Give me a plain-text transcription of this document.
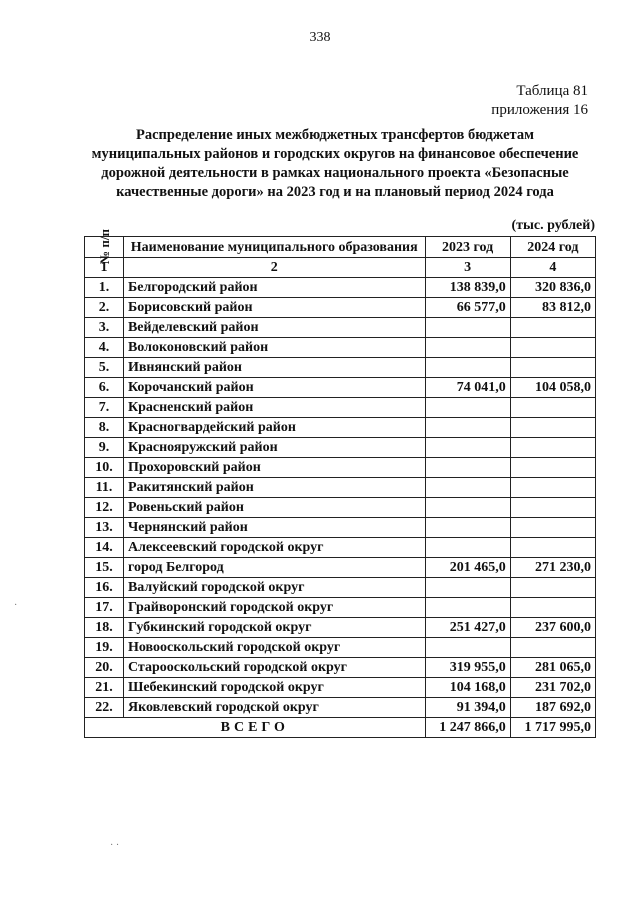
338
Таблица 81
приложения 16
Распределение иных межбюджетных трансфертов бюджетам
муниципальных районов и городских округов на финансовое обеспечение
дорожной деятельности в рамках национального проекта «Безопасные
качественные дороги» на 2023 год и на плановый период 2024 года
(тыс. рублей)
№ п/п	Наименование муниципального образования	2023 год	2024 год
1	2	3	4
1.	Белгородский район	138 839,0	320 836,0
2.	Борисовский район	66 577,0	83 812,0
3.	Вейделевский район		
4.	Волоконовский район		
5.	Ивнянский район		
6.	Корочанский район	74 041,0	104 058,0
7.	Красненский район		
8.	Красногвардейский район		
9.	Краснояружский район		
10.	Прохоровский район		
11.	Ракитянский район		
12.	Ровеньский район		
13.	Чернянский район		
14.	Алексеевский городской округ		
15.	город Белгород	201 465,0	271 230,0
16.	Валуйский городской округ		
17.	Грайворонский городской округ		
18.	Губкинский городской округ	251 427,0	237 600,0
19.	Новооскольский городской округ		
20.	Старооскольский городской округ	319 955,0	281 065,0
21.	Шебекинский городской округ	104 168,0	231 702,0
22.	Яковлевский городской округ	91 394,0	187 692,0
ВСЕГО		1 247 866,0	1 717 995,0
· ·
·
